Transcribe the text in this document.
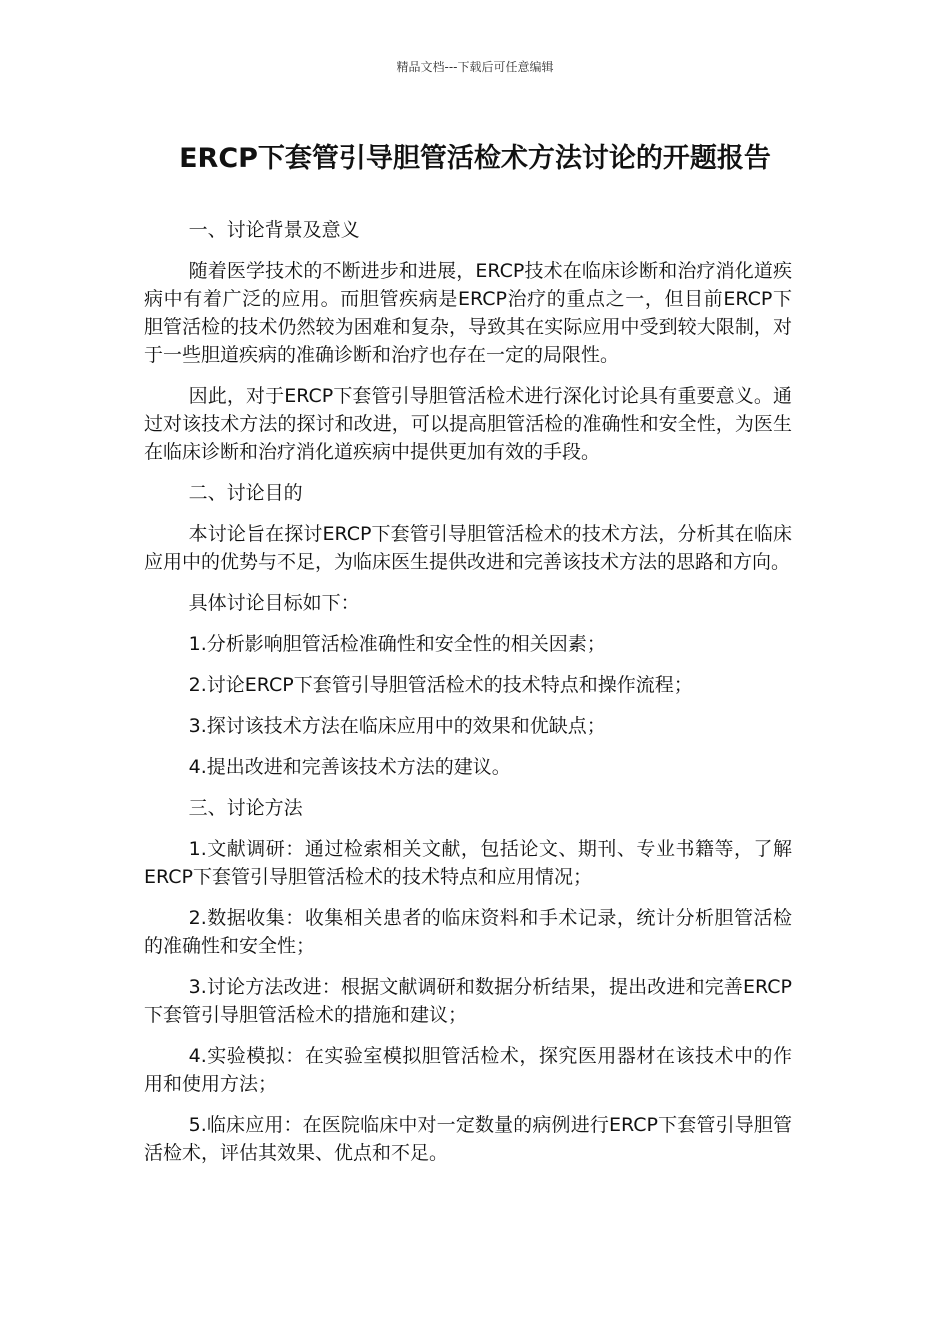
精品文档---下载后可任意编辑
ERCP下套管引导胆管活检术方法讨论的开题报告

一、讨论背景及意义

随着医学技术的不断进步和进展，ERCP技术在临床诊断和治疗消化道疾病中有着广泛的应用。而胆管疾病是ERCP治疗的重点之一，但目前ERCP下胆管活检的技术仍然较为困难和复杂，导致其在实际应用中受到较大限制，对于一些胆道疾病的准确诊断和治疗也存在一定的局限性。

因此，对于ERCP下套管引导胆管活检术进行深化讨论具有重要意义。通过对该技术方法的探讨和改进，可以提高胆管活检的准确性和安全性，为医生在临床诊断和治疗消化道疾病中提供更加有效的手段。

二、讨论目的

本讨论旨在探讨ERCP下套管引导胆管活检术的技术方法，分析其在临床应用中的优势与不足，为临床医生提供改进和完善该技术方法的思路和方向。

具体讨论目标如下：

1.分析影响胆管活检准确性和安全性的相关因素；

2.讨论ERCP下套管引导胆管活检术的技术特点和操作流程；

3.探讨该技术方法在临床应用中的效果和优缺点；

4.提出改进和完善该技术方法的建议。

三、讨论方法

1.文献调研：通过检索相关文献，包括论文、期刊、专业书籍等，了解ERCP下套管引导胆管活检术的技术特点和应用情况；

2.数据收集：收集相关患者的临床资料和手术记录，统计分析胆管活检的准确性和安全性；

3.讨论方法改进：根据文献调研和数据分析结果，提出改进和完善ERCP下套管引导胆管活检术的措施和建议；

4.实验模拟：在实验室模拟胆管活检术，探究医用器材在该技术中的作用和使用方法；

5.临床应用：在医院临床中对一定数量的病例进行ERCP下套管引导胆管活检术，评估其效果、优点和不足。
